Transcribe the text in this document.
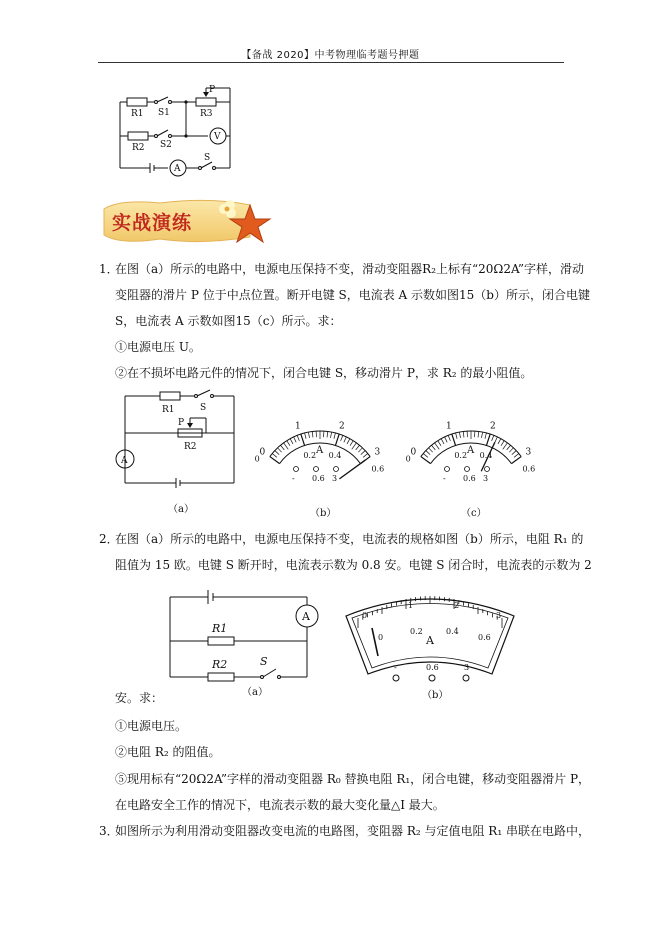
【备战 2020】中考物理临考题号押题
R1 S1
P
R3
R2 S2
V
A
S
实战演练
1．
在图（a）所示的电路中，电源电压保持不变，滑动变阻器R₂上标有“20Ω2A”字样，滑动
变阻器的滑片 P 位于中点位置。断开电键 S，电流表 A 示数如图15（b）所示，闭合电键
S，电流表 A 示数如图15（c）所示。求：
①电源电压 U。
②在不损坏电路元件的情况下，闭合电键 S，移动滑片 P，求 R₂ 的最小阻值。
R1	S
P
R2
A
（a）
0
1	2
3
0	0.2 0.4
0.6
A
- 0.6 3
（b）
0
1	2
3
0	0.2 0.4
0.6
A
- 0.6 3
（c）
2．
在图（a）所示的电路中，电源电压保持不变，电流表的规格如图（b）所示，电阻 R₁ 的
阻值为 15 欧。电键 S 断开时，电流表示数为 0.8 安。电键 S 闭合时，电流表的示数为 2
A
R1
R2	S
（a）
0
1	2
3
0
0.2	0.4
0.6
A
-	0.6	3
（b）
安。求：
①电源电压。
②电阻 R₂ 的阻值。
⑤现用标有“20Ω2A”字样的滑动变阻器 R₀ 替换电阻 R₁，闭合电键，移动变阻器滑片 P，
在电路安全工作的情况下，电流表示数的最大变化量△I 最大。
3．
如图所示为利用滑动变阻器改变电流的电路图，变阻器 R₂ 与定值电阻 R₁ 串联在电路中，
